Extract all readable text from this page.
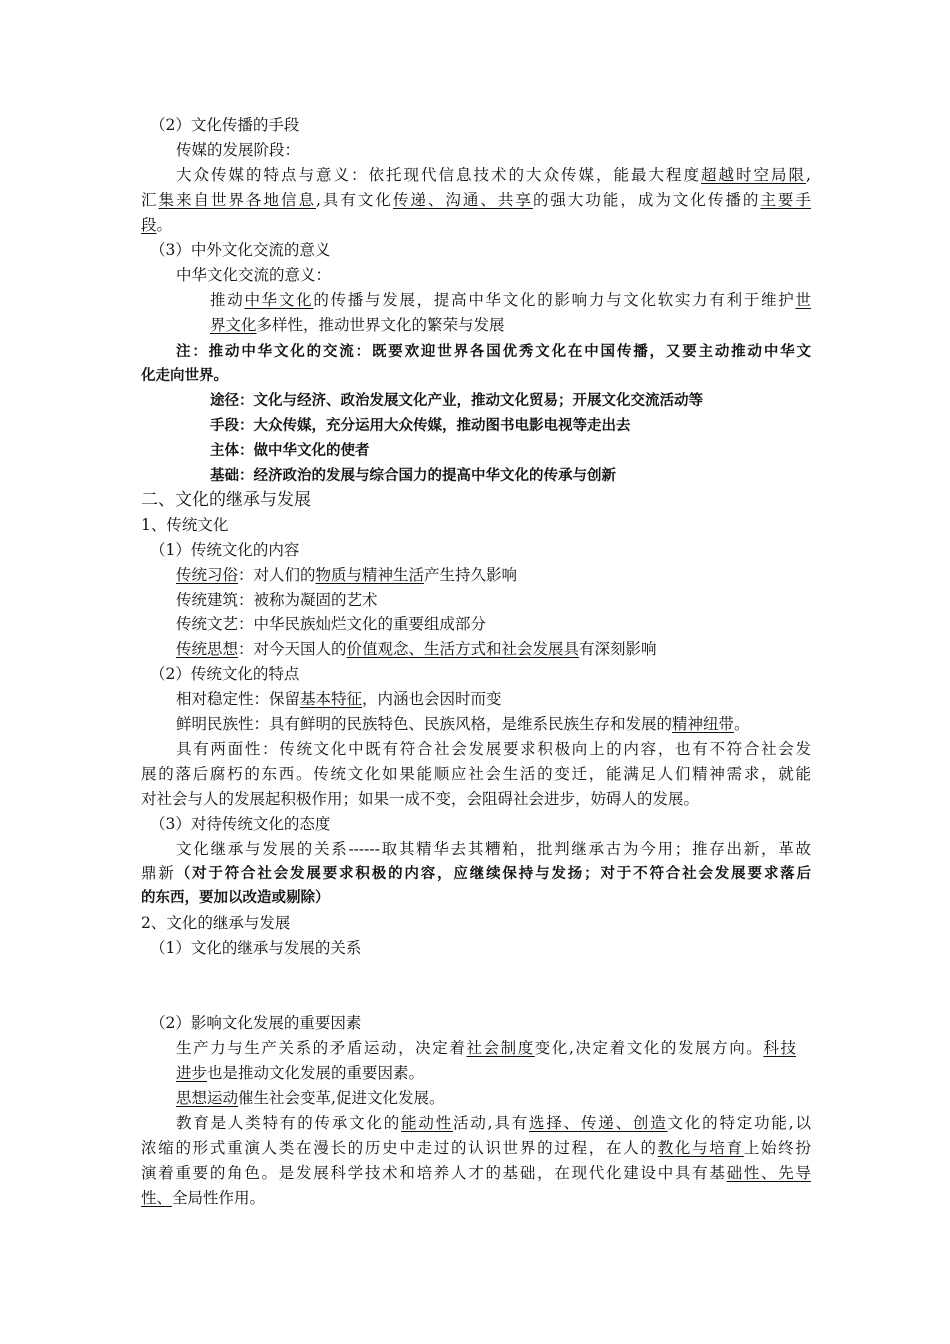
（2）文化传播的手段
传媒的发展阶段：
大众传媒的特点与意义：依托现代信息技术的大众传媒，能最大程度超越时空局限,
汇集来自世界各地信息,具有文化传递、沟通、共享的强大功能，成为文化传播的主要手
段。
（3）中外文化交流的意义
中华文化交流的意义：
推动中华文化的传播与发展，提高中华文化的影响力与文化软实力有利于维护世
界文化多样性，推动世界文化的繁荣与发展
注：推动中华文化的交流：既要欢迎世界各国优秀文化在中国传播，又要主动推动中华文
化走向世界。
途径：文化与经济、政治发展文化产业，推动文化贸易；开展文化交流活动等
手段：大众传媒，充分运用大众传媒，推动图书电影电视等走出去
主体：做中华文化的使者
基础：经济政治的发展与综合国力的提高中华文化的传承与创新
二、文化的继承与发展
1、传统文化
（1）传统文化的内容
传统习俗：对人们的物质与精神生活产生持久影响
传统建筑：被称为凝固的艺术
传统文艺：中华民族灿烂文化的重要组成部分
传统思想：对今天国人的价值观念、生活方式和社会发展具有深刻影响
（2）传统文化的特点
相对稳定性：保留基本特征，内涵也会因时而变
鲜明民族性：具有鲜明的民族特色、民族风格，是维系民族生存和发展的精神纽带。
具有两面性：传统文化中既有符合社会发展要求积极向上的内容，也有不符合社会发
展的落后腐朽的东西。传统文化如果能顺应社会生活的变迁，能满足人们精神需求，就能
对社会与人的发展起积极作用；如果一成不变，会阻碍社会进步，妨碍人的发展。
（3）对待传统文化的态度
文化继承与发展的关系------取其精华去其糟粕，批判继承古为今用；推存出新，革故
鼎新（对于符合社会发展要求积极的内容，应继续保持与发扬；对于不符合社会发展要求落后
的东西，要加以改造或剔除）
2、文化的继承与发展
（1）文化的继承与发展的关系
（2）影响文化发展的重要因素
生产力与生产关系的矛盾运动，决定着社会制度变化,决定着文化的发展方向。科技
进步也是推动文化发展的重要因素。
思想运动催生社会变革,促进文化发展。
教育是人类特有的传承文化的能动性活动,具有选择、传递、创造文化的特定功能,以
浓缩的形式重演人类在漫长的历史中走过的认识世界的过程，在人的教化与培育上始终扮
演着重要的角色。是发展科学技术和培养人才的基础，在现代化建设中具有基础性、先导
性、全局性作用。
